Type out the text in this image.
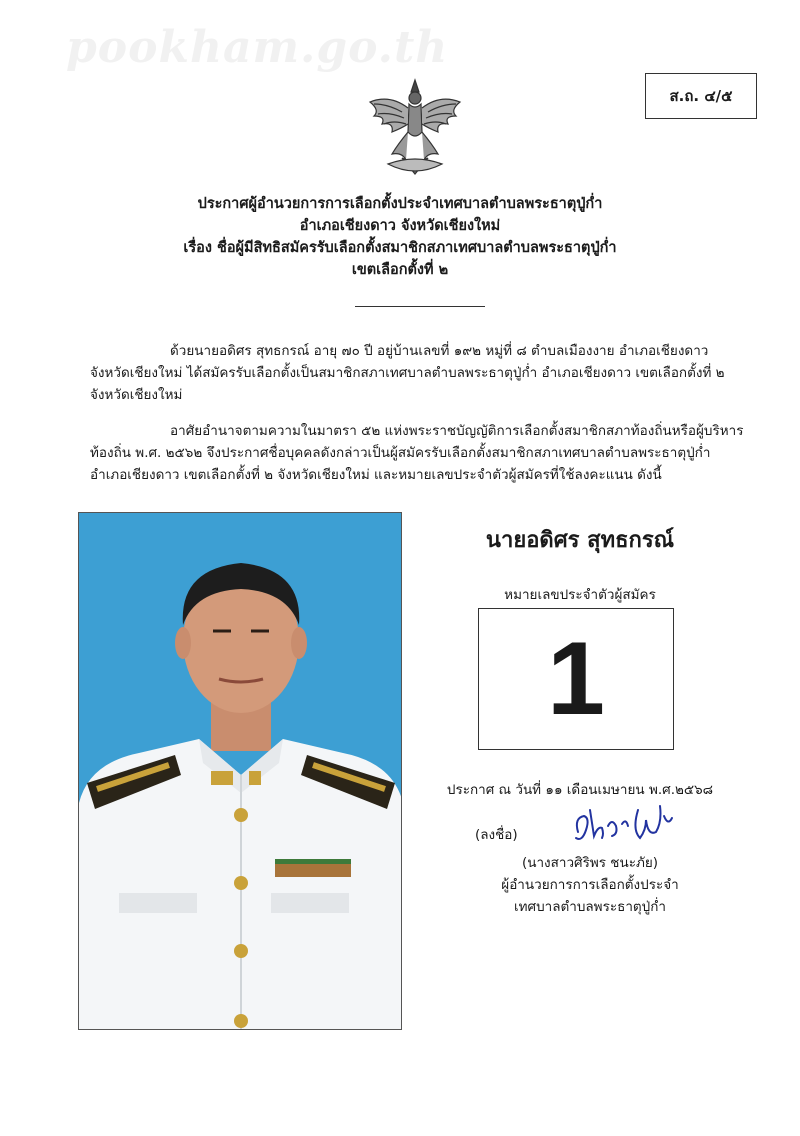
pookham.go.th
ส.ถ. ๔/๕
ประกาศผู้อำนวยการการเลือกตั้งประจำเทศบาลตำบลพระธาตุปู่ก่ำ
อำเภอเชียงดาว จังหวัดเชียงใหม่
เรื่อง ชื่อผู้มีสิทธิสมัครรับเลือกตั้งสมาชิกสภาเทศบาลตำบลพระธาตุปู่ก่ำ
เขตเลือกตั้งที่ ๒
ด้วยนายอดิศร สุทธกรณ์ อายุ ๗๐ ปี อยู่บ้านเลขที่ ๑๙๒ หมู่ที่ ๘ ตำบลเมืองงาย อำเภอเชียงดาว
จังหวัดเชียงใหม่ ได้สมัครรับเลือกตั้งเป็นสมาชิกสภาเทศบาลตำบลพระธาตุปู่ก่ำ อำเภอเชียงดาว เขตเลือกตั้งที่ ๒
จังหวัดเชียงใหม่
อาศัยอำนาจตามความในมาตรา ๕๒ แห่งพระราชบัญญัติการเลือกตั้งสมาชิกสภาท้องถิ่นหรือผู้บริหาร
ท้องถิ่น พ.ศ. ๒๕๖๒ จึงประกาศชื่อบุคคลดังกล่าวเป็นผู้สมัครรับเลือกตั้งสมาชิกสภาเทศบาลตำบลพระธาตุปู่ก่ำ
อำเภอเชียงดาว เขตเลือกตั้งที่ ๒ จังหวัดเชียงใหม่ และหมายเลขประจำตัวผู้สมัครที่ใช้ลงคะแนน ดังนี้
นายอดิศร สุทธกรณ์
หมายเลขประจำตัวผู้สมัคร
1
ประกาศ ณ วันที่ ๑๑ เดือนเมษายน พ.ศ.๒๕๖๘
(ลงชื่อ)
(นางสาวศิริพร ชนะภัย)
ผู้อำนวยการการเลือกตั้งประจำ
เทศบาลตำบลพระธาตุปู่ก่ำ
